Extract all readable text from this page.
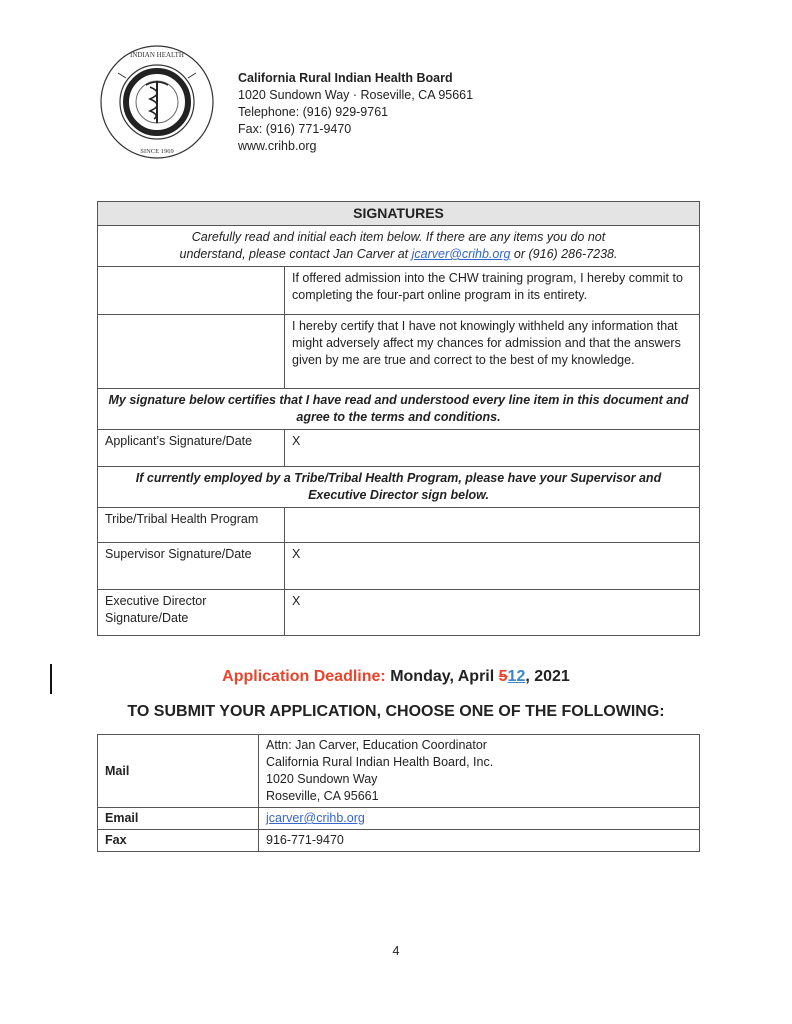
INDIAN HEALTH
SINCE 1969
California Rural Indian Health Board
1020 Sundown Way · Roseville, CA 95661
Telephone: (916) 929-9761
Fax: (916) 771-9470
www.crihb.org
SIGNATURES	
Carefully read and initial each item below. If there are any items you do not
understand, please contact Jan Carver at jcarver@crihb.org or (916) 286-7238.	
	If offered admission into the CHW training program, I hereby commit to completing the four-part online program in its entirety.
	I hereby certify that I have not knowingly withheld any information that might adversely affect my chances for admission and that the answers given by me are true and correct to the best of my knowledge.
My signature below certifies that I have read and understood every line item in this document and agree to the terms and conditions.	
Applicant’s Signature/Date	X
If currently employed by a Tribe/Tribal Health Program, please have your Supervisor and Executive Director sign below.	
Tribe/Tribal Health Program	
Supervisor Signature/Date	X
Executive Director Signature/Date	X
Application Deadline: Monday, April 512, 2021
TO SUBMIT YOUR APPLICATION, CHOOSE ONE OF THE FOLLOWING:
Mail	Attn: Jan Carver, Education Coordinator
California Rural Indian Health Board, Inc.
1020 Sundown Way
Roseville, CA 95661

Email	jcarver@crihb.org
Fax	916-771-9470
4
